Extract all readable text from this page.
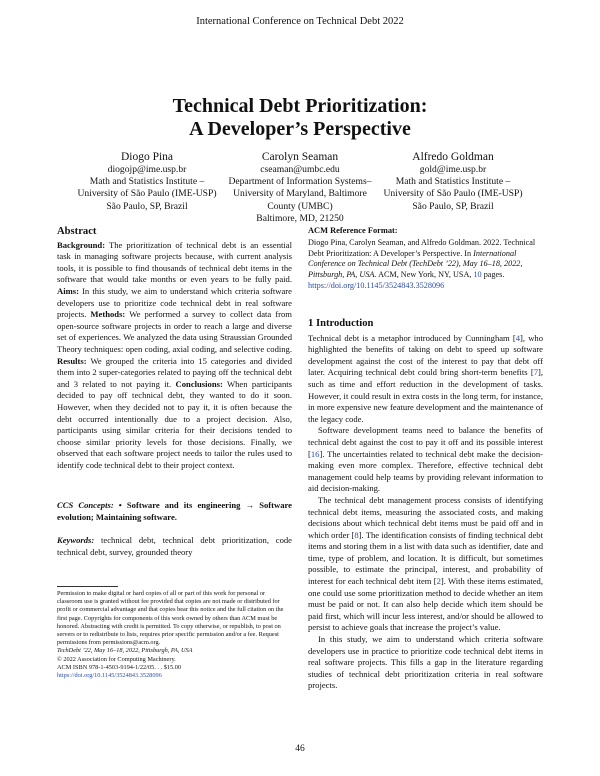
International Conference on Technical Debt 2022
Technical Debt Prioritization:
A Developer’s Perspective
Diogo Pina
diogojp@ime.usp.br
Math and Statistics Institute –
University of São Paulo (IME-USP)
São Paulo, SP, Brazil
Carolyn Seaman
cseaman@umbc.edu
Department of Information Systems–
University of Maryland, Baltimore
County (UMBC)
Baltimore, MD, 21250
Alfredo Goldman
gold@ime.usp.br
Math and Statistics Institute –
University of São Paulo (IME-USP)
São Paulo, SP, Brazil
Abstract

Background: The prioritization of technical debt is an essential task in managing software projects because, with current analysis tools, it is possible to find thousands of technical debt items in the software that would take months or even years to be fully paid. Aims: In this study, we aim to understand which criteria software developers use to prioritize code technical debt in real software projects. Methods: We performed a survey to collect data from open-source software projects in order to reach a large and diverse set of experiences. We analyzed the data using Straussian Grounded Theory techniques: open coding, axial coding, and selective coding. Results: We grouped the criteria into 15 categories and divided them into 2 super-categories related to paying off the technical debt and 3 related to not paying it. Conclusions: When participants decided to pay off technical debt, they wanted to do it soon. However, when they decided not to pay it, it is often because the debt occurred intentionally due to a project decision. Also, participants using similar criteria for their decisions tended to choose similar priority levels for those decisions. Finally, we observed that each software project needs to tailor the rules used to identify code technical debt to their project context.

CCS Concepts: • Software and its engineering → Software evolution; Maintaining software.

Keywords: technical debt, technical debt prioritization, code technical debt, survey, grounded theory

Permission to make digital or hard copies of all or part of this work for personal or classroom use is granted without fee provided that copies are not made or distributed for profit or commercial advantage and that copies bear this notice and the full citation on the first page. Copyrights for components of this work owned by others than ACM must be honored. Abstracting with credit is permitted. To copy otherwise, or republish, to post on servers or to redistribute to lists, requires prior specific permission and/or a fee. Request permissions from permissions@acm.org.

TechDebt ’22, May 16–18, 2022, Pittsburgh, PA, USA

© 2022 Association for Computing Machinery.

ACM ISBN 978-1-4503-9194-1/22/05. . . $15.00

https://doi.org/10.1145/3524843.3528096

ACM Reference Format:

Diogo Pina, Carolyn Seaman, and Alfredo Goldman. 2022. Technical Debt Prioritization: A Developer’s Perspective. In International Conference on Technical Debt (TechDebt ’22), May 16–18, 2022, Pittsburgh, PA, USA. ACM, New York, NY, USA, 10 pages. https://doi.org/10.1145/3524843.3528096

1 Introduction

Technical debt is a metaphor introduced by Cunningham [4], who highlighted the benefits of taking on debt to speed up software development against the cost of the interest to pay that debt off later. Acquiring technical debt could bring short-term benefits [7], such as time and effort reduction in the development of tasks. However, it could result in extra costs in the long term, for instance, in more expensive new feature development and the maintenance of the legacy code.

Software development teams need to balance the benefits of technical debt against the cost to pay it off and its possible interest [16]. The uncertainties related to technical debt make the decision-making even more complex. Therefore, effective technical debt management could help teams by providing relevant information to aid decision-making.

The technical debt management process consists of identifying technical debt items, measuring the associated costs, and making decisions about which technical debt items must be paid off and in which order [8]. The identification consists of finding technical debt items and storing them in a list with data such as identifier, date and time, type of problem, and location. It is difficult, but sometimes possible, to estimate the principal, interest, and probability of interest for each technical debt item [2]. With these items estimated, one could use some prioritization method to decide whether an item must be paid or not. It can also help decide which item should be paid first, which will incur less interest, and/or should be allowed to persist to achieve goals that increase the project’s value.

In this study, we aim to understand which criteria software developers use in practice to prioritize code technical debt items in real software projects. This fills a gap in the literature regarding studies of technical debt prioritization criteria in real software projects.

46
